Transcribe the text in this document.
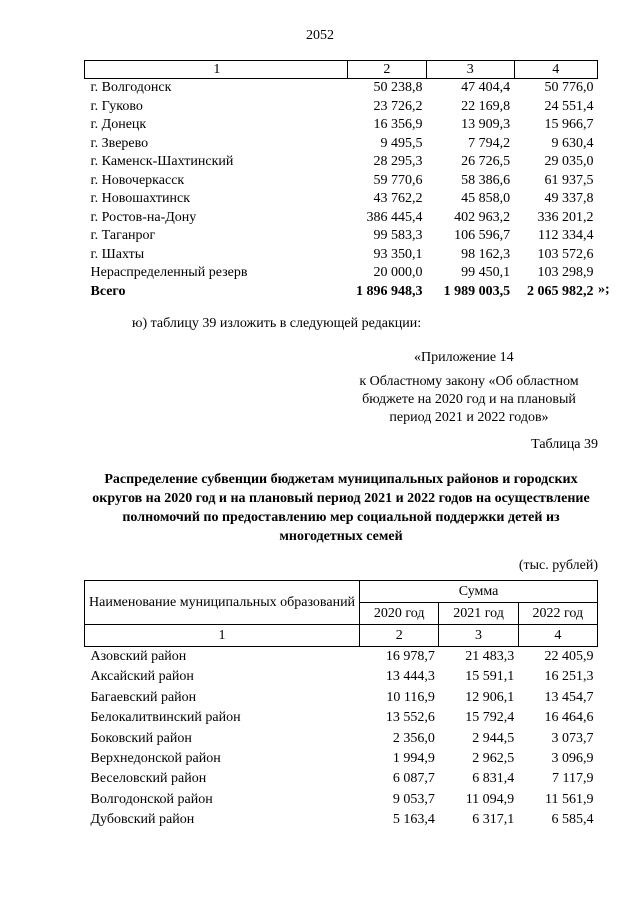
2052
1	2	3	4
г. Волгодонск	50 238,8	47 404,4	50 776,0
г. Гуково	23 726,2	22 169,8	24 551,4
г. Донецк	16 356,9	13 909,3	15 966,7
г. Зверево	9 495,5	7 794,2	9 630,4
г. Каменск-Шахтинский	28 295,3	26 726,5	29 035,0
г. Новочеркасск	59 770,6	58 386,6	61 937,5
г. Новошахтинск	43 762,2	45 858,0	49 337,8
г. Ростов-на-Дону	386 445,4	402 963,2	336 201,2
г. Таганрог	99 583,3	106 596,7	112 334,4
г. Шахты	93 350,1	98 162,3	103 572,6
Нераспределенный резерв	20 000,0	99 450,1	103 298,9
Всего	1 896 948,3	1 989 003,5	2 065 982,2 »;
ю) таблицу 39 изложить в следующей редакции:
«Приложение 14
к Областному закону «Об областном бюджете на 2020 год и на плановый период 2021 и 2022 годов»
Таблица 39
Распределение субвенции бюджетам муниципальных районов и городских округов на 2020 год и на плановый период 2021 и 2022 годов на осуществление полномочий по предоставлению мер социальной поддержки детей из многодетных семей
(тыс. рублей)
Наименование муниципальных образований	Сумма		
	2020 год	2021 год	2022 год
1	2	3	4
Азовский район	16 978,7	21 483,3	22 405,9
Аксайский район	13 444,3	15 591,1	16 251,3
Багаевский район	10 116,9	12 906,1	13 454,7
Белокалитвинский район	13 552,6	15 792,4	16 464,6
Боковский район	2 356,0	2 944,5	3 073,7
Верхнедонской район	1 994,9	2 962,5	3 096,9
Веселовский район	6 087,7	6 831,4	7 117,9
Волгодонской район	9 053,7	11 094,9	11 561,9
Дубовский район	5 163,4	6 317,1	6 585,4
